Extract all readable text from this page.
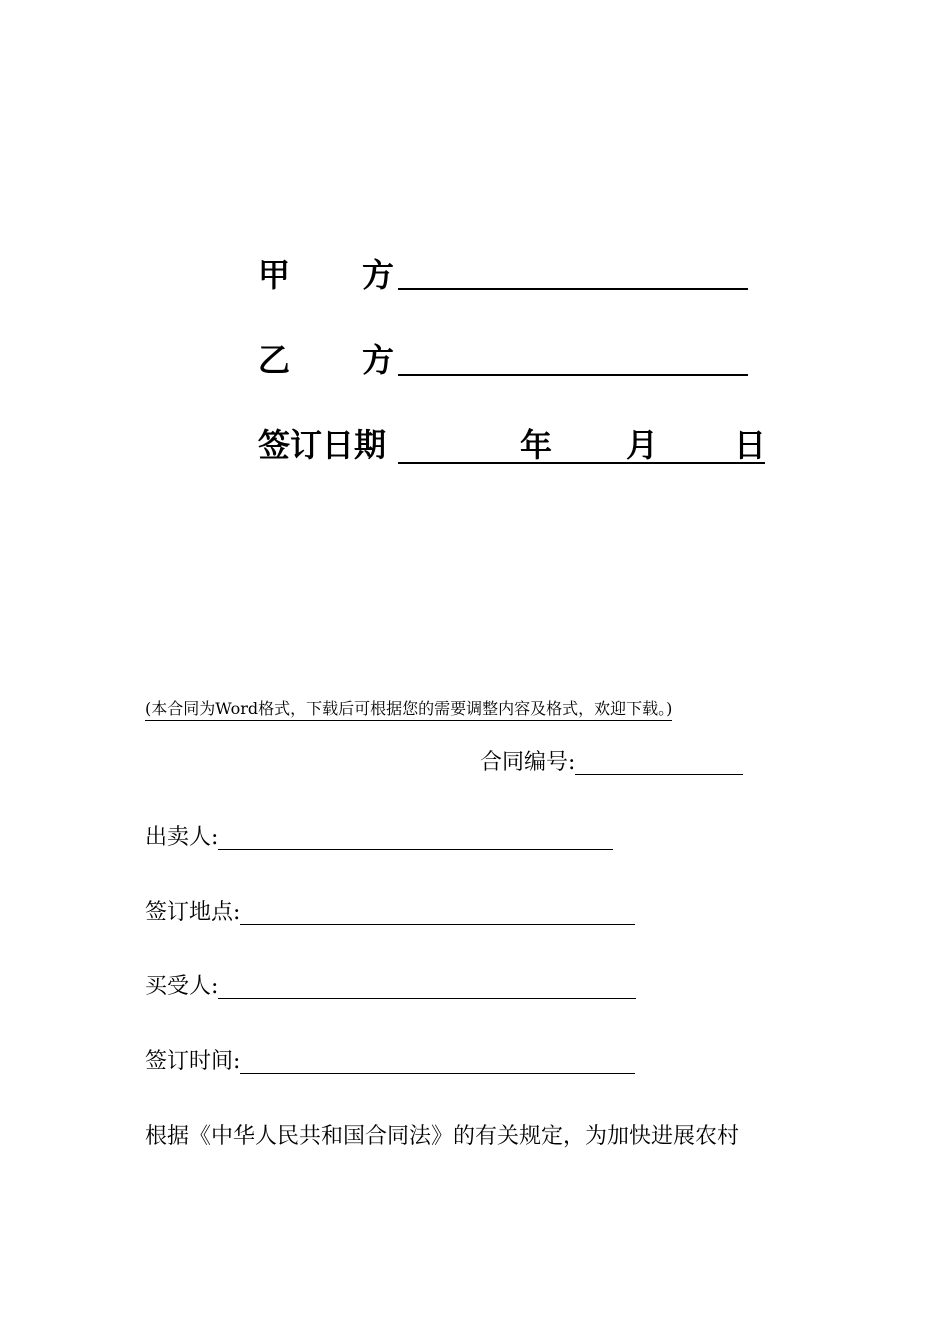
甲 方
乙 方
签订日期	年 月 日
(本合同为Word格式，下载后可根据您的需要调整内容及格式，欢迎下载。)
合同编号:
出卖人:
签订地点:
买受人:
签订时间:
根据《中华人民共和国合同法》的有关规定，为加快进展农村
